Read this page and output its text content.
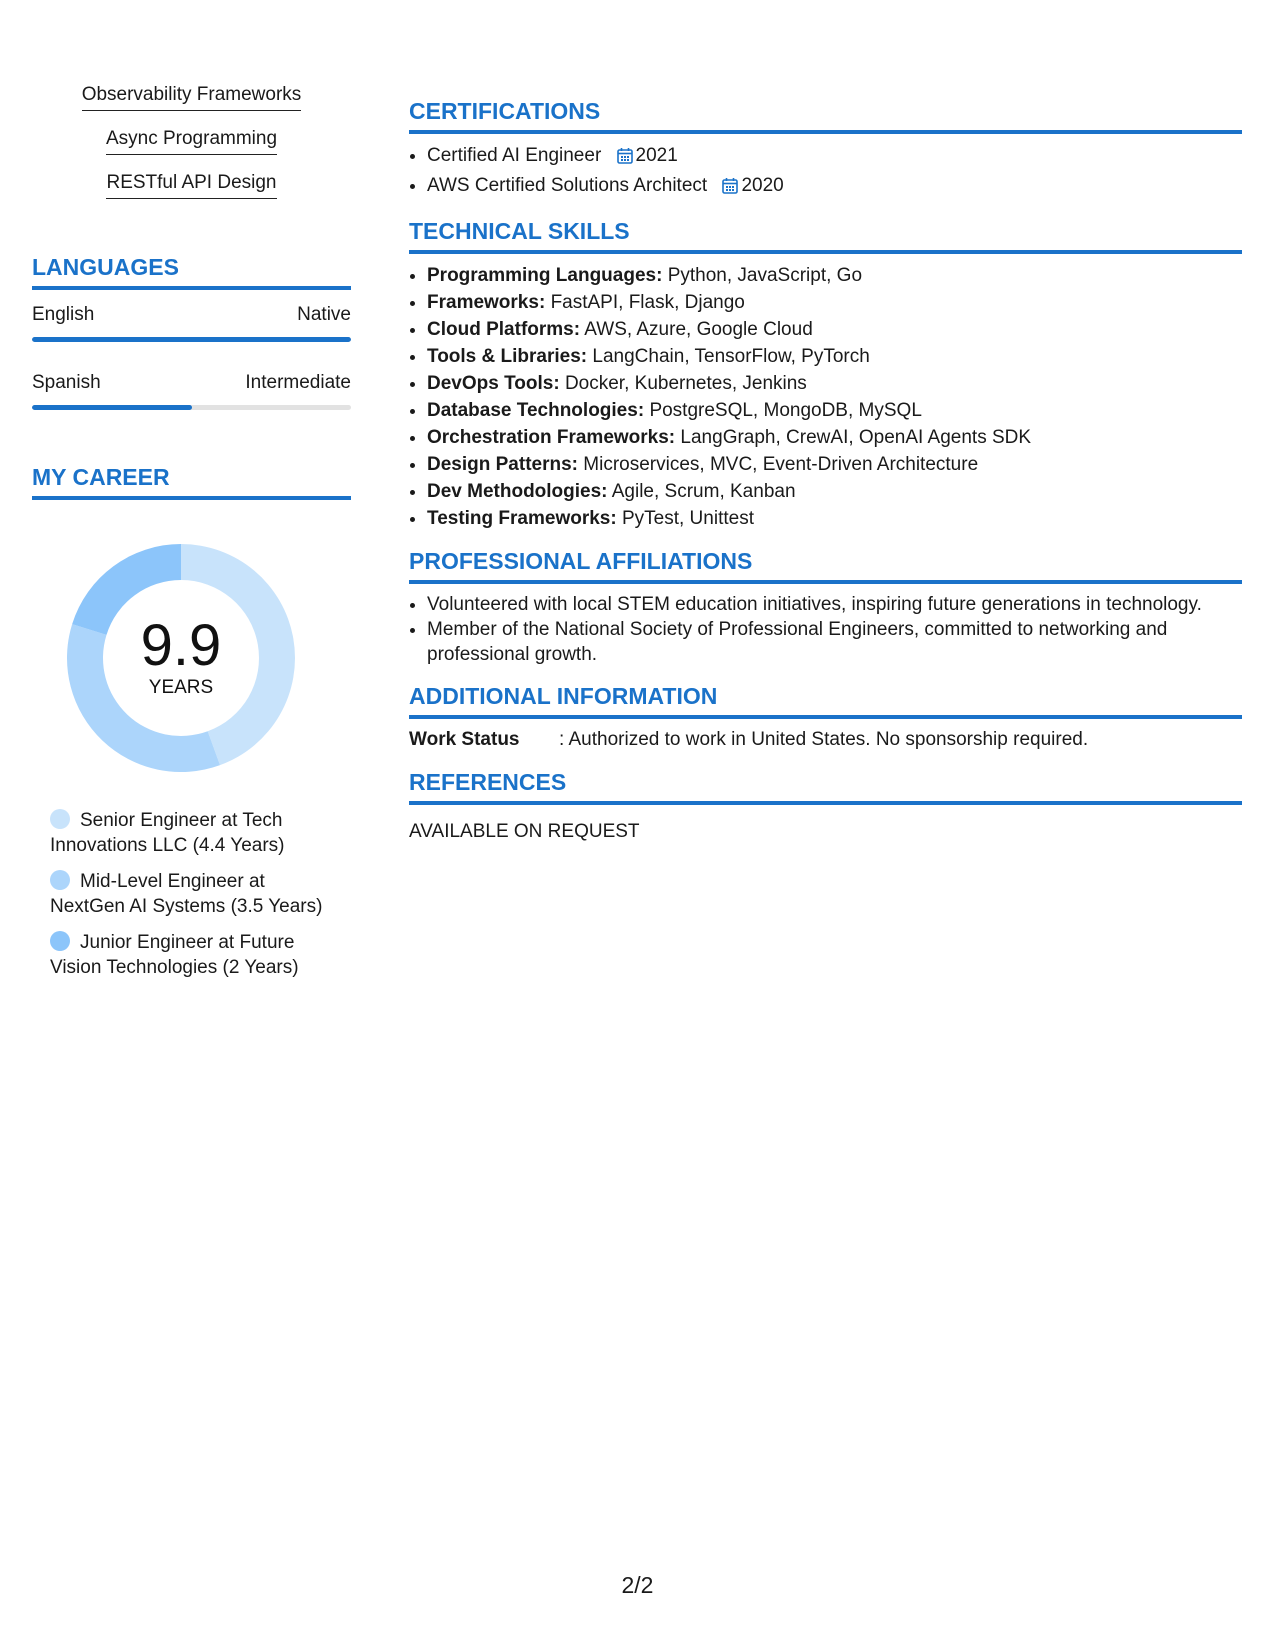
Observability Frameworks
Async Programming
RESTful API Design
LANGUAGES
English	Native
Spanish	Intermediate
MY CAREER
9.9
YEARS
Senior Engineer at Tech Innovations LLC (4.4 Years)
Mid-Level Engineer at NextGen AI Systems (3.5 Years)
Junior Engineer at Future Vision Technologies (2 Years)
CERTIFICATIONS
• Certified AI Engineer 2021
• AWS Certified Solutions Architect 2020
TECHNICAL SKILLS
• Programming Languages: Python, JavaScript, Go
• Frameworks: FastAPI, Flask, Django
• Cloud Platforms: AWS, Azure, Google Cloud
• Tools & Libraries: LangChain, TensorFlow, PyTorch
• DevOps Tools: Docker, Kubernetes, Jenkins
• Database Technologies: PostgreSQL, MongoDB, MySQL
• Orchestration Frameworks: LangGraph, CrewAI, OpenAI Agents SDK
• Design Patterns: Microservices, MVC, Event-Driven Architecture
• Dev Methodologies: Agile, Scrum, Kanban
• Testing Frameworks: PyTest, Unittest
PROFESSIONAL AFFILIATIONS
• Volunteered with local STEM education initiatives, inspiring future generations in technology.
• Member of the National Society of Professional Engineers, committed to networking and professional growth.
ADDITIONAL INFORMATION
Work Status	: Authorized to work in United States. No sponsorship required.
REFERENCES

AVAILABLE ON REQUEST

2/2
